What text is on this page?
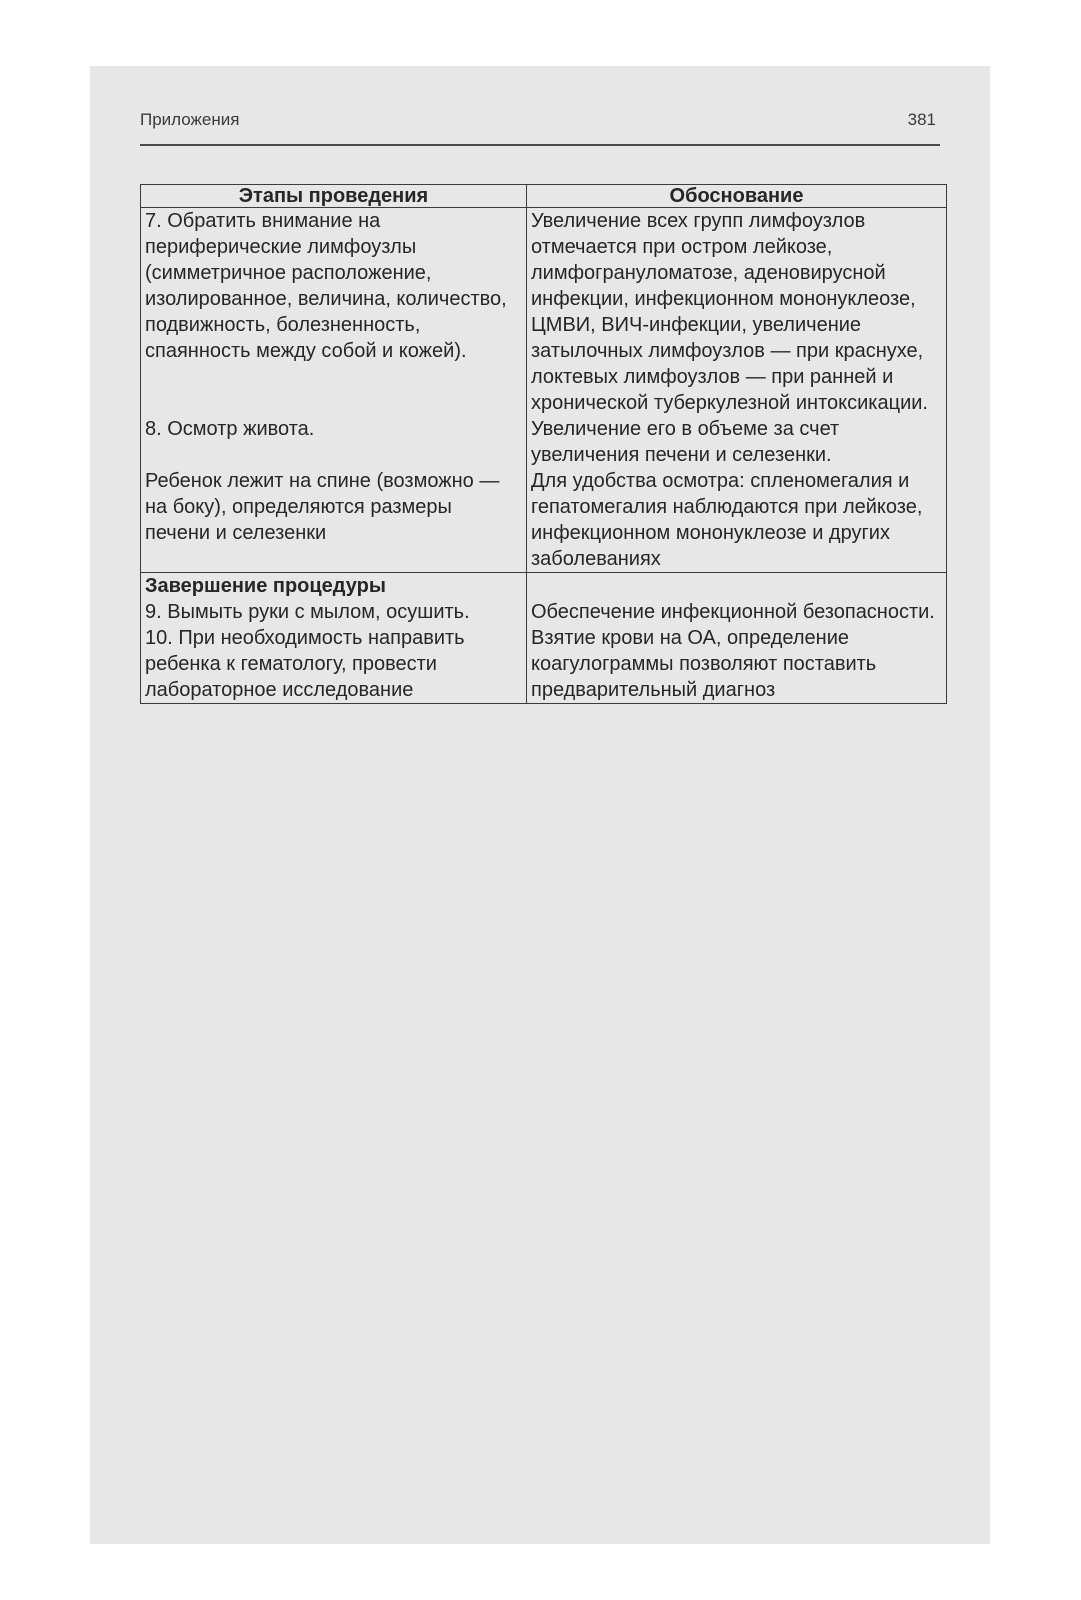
Приложения	381
Этапы проведения	Обоснование

7. Обратить внимание на периферические лимфоузлы (симметричное расположение, изолированное, величина, количество, подвижность, болезненность, спаянность между собой и кожей).	Увеличение всех групп лимфоузлов отмечается при остром лейкозе, лимфогрануломатозе, аденовирусной инфекции, инфекционном мононуклеозе, ЦМВИ, ВИЧ-инфекции, увеличение затылочных лимфоузлов — при краснухе, локтевых лимфоузлов — при ранней и хронической туберкулезной интоксикации.

8. Осмотр живота.	Увеличение его в объеме за счет увеличения печени и селезенки.

Ребенок лежит на спине (возможно — на боку), определяются размеры печени и селезенки	Для удобства осмотра: спленомегалия и гепатомегалия наблюдаются при лейкозе, инфекционном мононуклеозе и других заболеваниях

Завершение процедуры	

9. Вымыть руки с мылом, осушить.	Обеспечение инфекционной безопасности.

10. При необходимость направить ребенка к гематологу, провести лабораторное исследование	Взятие крови на ОА, определение коагулограммы позволяют поставить предварительный диагноз
